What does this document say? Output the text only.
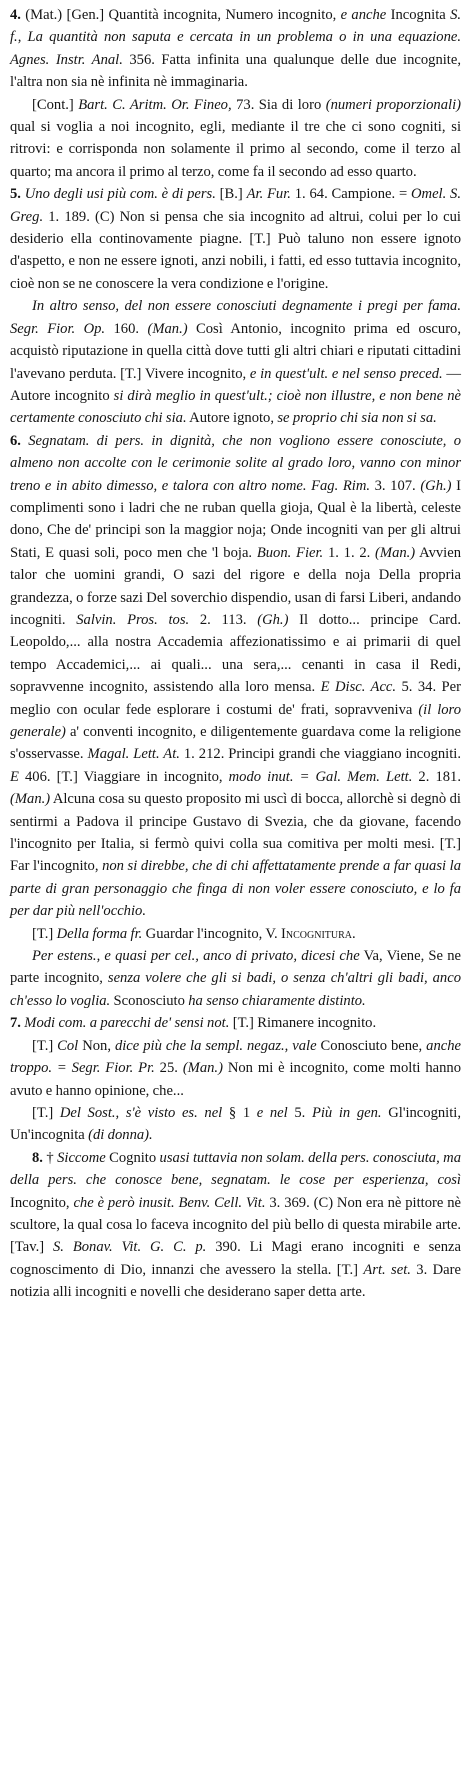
4. (Mat.) [Gen.] Quantità incognita, Numero incognito, e anche Incognita S. f., La quantità non saputa e cercata in un problema o in una equazione. Agnes. Instr. Anal. 356. Fatta infinita una qualunque delle due incognite, l'altra non sia nè infinita nè immaginaria.

[Cont.] Bart. C. Aritm. Or. Fineo, 73. Sia di loro (numeri proporzionali) qual si voglia a noi incognito, egli, mediante il tre che ci sono cogniti, si ritrovi: e corrisponda non solamente il primo al secondo, come il terzo al quarto; ma ancora il primo al terzo, come fa il secondo ad esso quarto.

5. Uno degli usi più com. è di pers. [B.] Ar. Fur. 1. 64. Campione. = Omel. S. Greg. 1. 189. (C) Non si pensa che sia incognito ad altrui, colui per lo cui desiderio ella continovamente piagne. [T.] Può taluno non essere ignoto d'aspetto, e non ne essere ignoti, anzi nobili, i fatti, ed esso tuttavia incognito, cioè non se ne conoscere la vera condizione e l'origine.

In altro senso, del non essere conosciuti degnamente i pregi per fama. Segr. Fior. Op. 160. (Man.) Così Antonio, incognito prima ed oscuro, acquistò riputazione in quella città dove tutti gli altri chiari e riputati cittadini l'avevano perduta. [T.] Vivere incognito, e in quest'ult. e nel senso preced. — Autore incognito si dirà meglio in quest'ult.; cioè non illustre, e non bene nè certamente conosciuto chi sia. Autore ignoto, se proprio chi sia non si sa.

6. Segnatam. di pers. in dignità, che non vogliono essere conosciute, o almeno non accolte con le cerimonie solite al grado loro, vanno con minor treno e in abito dimesso, e talora con altro nome. Fag. Rim. 3. 107. (Gh.) I complimenti sono i ladri che ne ruban quella gioja, Qual è la libertà, celeste dono, Che de' principi son la maggior noja; Onde incogniti van per gli altrui Stati, E quasi soli, poco men che 'l boja. Buon. Fier. 1. 1. 2. (Man.) Avvien talor che uomini grandi, O sazi del rigore e della noja Della propria grandezza, o forze sazi Del soverchio dispendio, usan di farsi Liberi, andando incogniti. Salvin. Pros. tos. 2. 113. (Gh.) Il dotto... principe Card. Leopoldo,... alla nostra Accademia affezionatissimo e ai primarii di quel tempo Accademici,... ai quali... una sera,... cenanti in casa il Redi, sopravvenne incognito, assistendo alla loro mensa. E Disc. Acc. 5. 34. Per meglio con ocular fede esplorare i costumi de' frati, sopravveniva (il loro generale) a' conventi incognito, e diligentemente guardava come la religione s'osservasse. Magal. Lett. At. 1. 212. Principi grandi che viaggiano incogniti. E 406. [T.] Viaggiare in incognito, modo inut. = Gal. Mem. Lett. 2. 181. (Man.) Alcuna cosa su questo proposito mi uscì di bocca, allorchè si degnò di sentirmi a Padova il principe Gustavo di Svezia, che da giovane, facendo l'incognito per Italia, si fermò quivi colla sua comitiva per molti mesi. [T.] Far l'incognito, non si direbbe, che di chi affettatamente prende a far quasi la parte di gran personaggio che finga di non voler essere conosciuto, e lo fa per dar più nell'occhio.

[T.] Della forma fr. Guardar l'incognito, V. Incognitura.

Per estens., e quasi per cel., anco di privato, dicesi che Va, Viene, Se ne parte incognito, senza volere che gli si badi, o senza ch'altri gli badi, anco ch'esso lo voglia. Sconosciuto ha senso chiaramente distinto.

7. Modi com. a parecchi de' sensi not. [T.] Rimanere incognito.

[T.] Col Non, dice più che la sempl. negaz., vale Conosciuto bene, anche troppo. = Segr. Fior. Pr. 25. (Man.) Non mi è incognito, come molti hanno avuto e hanno opinione, che...

[T.] Del Sost., s'è visto es. nel § 1 e nel 5. Più in gen. Gl'incogniti, Un'incognita (di donna).

8. † Siccome Cognito usasi tuttavia non solam. della pers. conosciuta, ma della pers. che conosce bene, segnatam. le cose per esperienza, così Incognito, che è però inusit. Benv. Cell. Vit. 3. 369. (C) Non era nè pittore nè scultore, la qual cosa lo faceva incognito del più bello di questa mirabile arte. [Tav.] S. Bonav. Vit. G. C. p. 390. Li Magi erano incogniti e senza cognoscimento di Dio, innanzi che avessero la stella. [T.] Art. set. 3. Dare notizia alli incogniti e novelli che desiderano saper detta arte.
